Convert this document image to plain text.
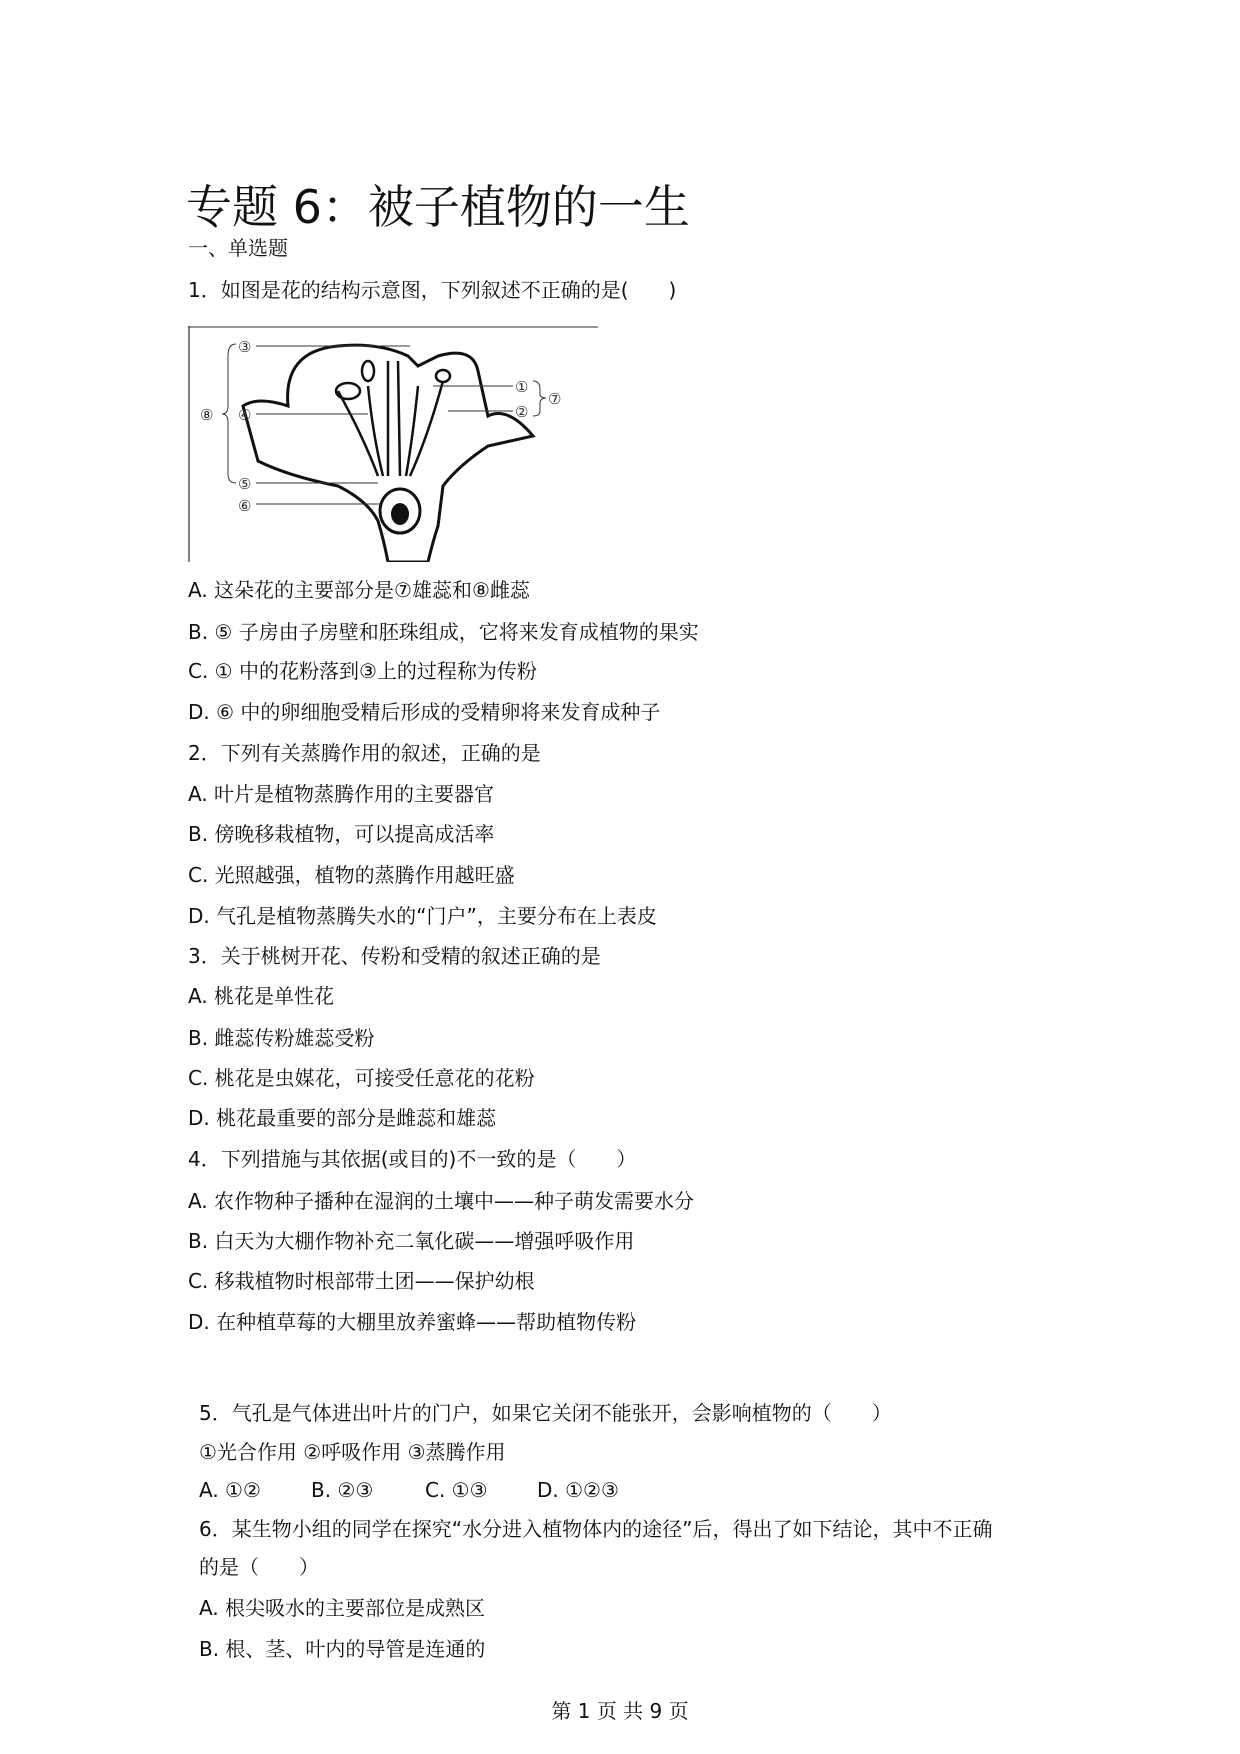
专题 6：被子植物的一生
一、单选题
1．如图是花的结构示意图，下列叙述不正确的是(　　)
③
④
⑤
⑥
①
②
⑦
⑧
A. 这朵花的主要部分是⑦雄蕊和⑧雌蕊
B. ⑤ 子房由子房壁和胚珠组成，它将来发育成植物的果实
C. ① 中的花粉落到③上的过程称为传粉
D. ⑥ 中的卵细胞受精后形成的受精卵将来发育成种子
2．下列有关蒸腾作用的叙述，正确的是
A. 叶片是植物蒸腾作用的主要器官
B. 傍晚移栽植物，可以提高成活率
C. 光照越强，植物的蒸腾作用越旺盛
D. 气孔是植物蒸腾失水的“门户”，主要分布在上表皮
3．关于桃树开花、传粉和受精的叙述正确的是
A. 桃花是单性花
B. 雌蕊传粉雄蕊受粉
C. 桃花是虫媒花，可接受任意花的花粉
D. 桃花最重要的部分是雌蕊和雄蕊
4．下列措施与其依据(或目的)不一致的是（　　）
A. 农作物种子播种在湿润的土壤中——种子萌发需要水分
B. 白天为大棚作物补充二氧化碳——增强呼吸作用
C. 移栽植物时根部带土团——保护幼根
D. 在种植草莓的大棚里放养蜜蜂——帮助植物传粉
5．气孔是气体进出叶片的门户，如果它关闭不能张开，会影响植物的（　　）
①光合作用 ②呼吸作用 ③蒸腾作用
A. ①②	B. ②③	C. ①③ D. ①②③
6．某生物小组的同学在探究“水分进入植物体内的途径”后，得出了如下结论，其中不正确
的是（　　）
A. 根尖吸水的主要部位是成熟区
B. 根、茎、叶内的导管是连通的
第 1 页 共 9 页
